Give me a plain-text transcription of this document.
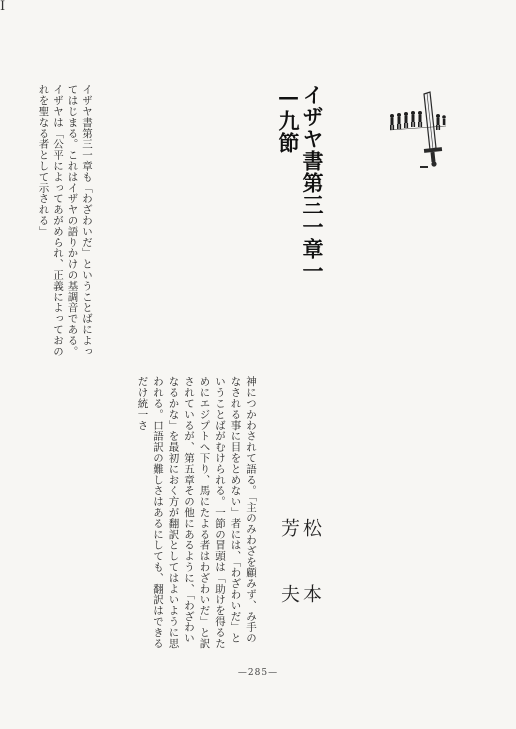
イザヤ書第三一章一—九節
松　本　芳　夫
I
イザヤ書第三一章も「わざわいだ」ということばによってはじまる。これはイザヤの語りかけの基調音である。イザヤは「公平によってあがめられ、正義によっておのれを聖なる者として示される」
神につかわされて語る。「主のみわざを顧みず、み手のなされる事に目をとめない」者には、「わざわいだ」ということばがむけられる。一節の冒頭は「助けを得るためにエジプトへ下り、馬にたよる者はわざわいだ」と訳されているが、第五章その他にあるように、「わざわいなるかな」を最初におく方が翻訳としてはよいように思われる。口語訳の難しさはあるにしても、翻訳はできるだけ統一さ
—285—
